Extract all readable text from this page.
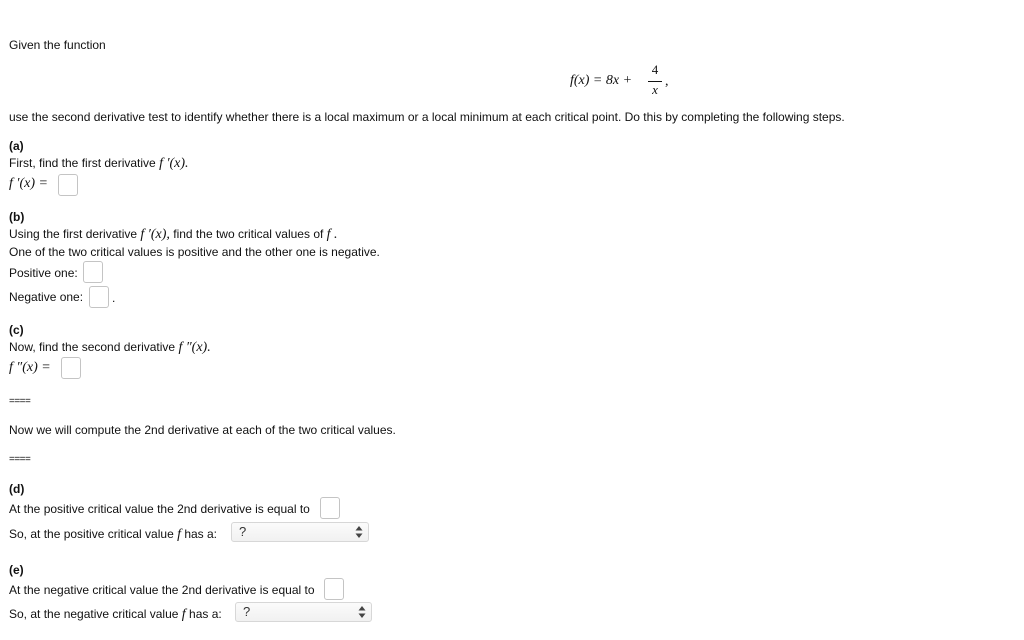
Given the function
f(x) = 8x +
4
x
,
use the second derivative test to identify whether there is a local maximum or a local minimum at each critical point. Do this by completing the following steps.
(a)
First, find the first derivative f ′(x).
f ′(x) =
(b)
Using the first derivative f ′(x), find the two critical values of f .
One of the two critical values is positive and the other one is negative.
Positive one:
Negative one: .
(c)
Now, find the second derivative f ″(x).
f ″(x) =
====
Now we will compute the 2nd derivative at each of the two critical values.
====
(d)
At the positive critical value the 2nd derivative is equal to
So, at the positive critical value f has a: ?
(e)
At the negative critical value the 2nd derivative is equal to
So, at the negative critical value f has a: ?
